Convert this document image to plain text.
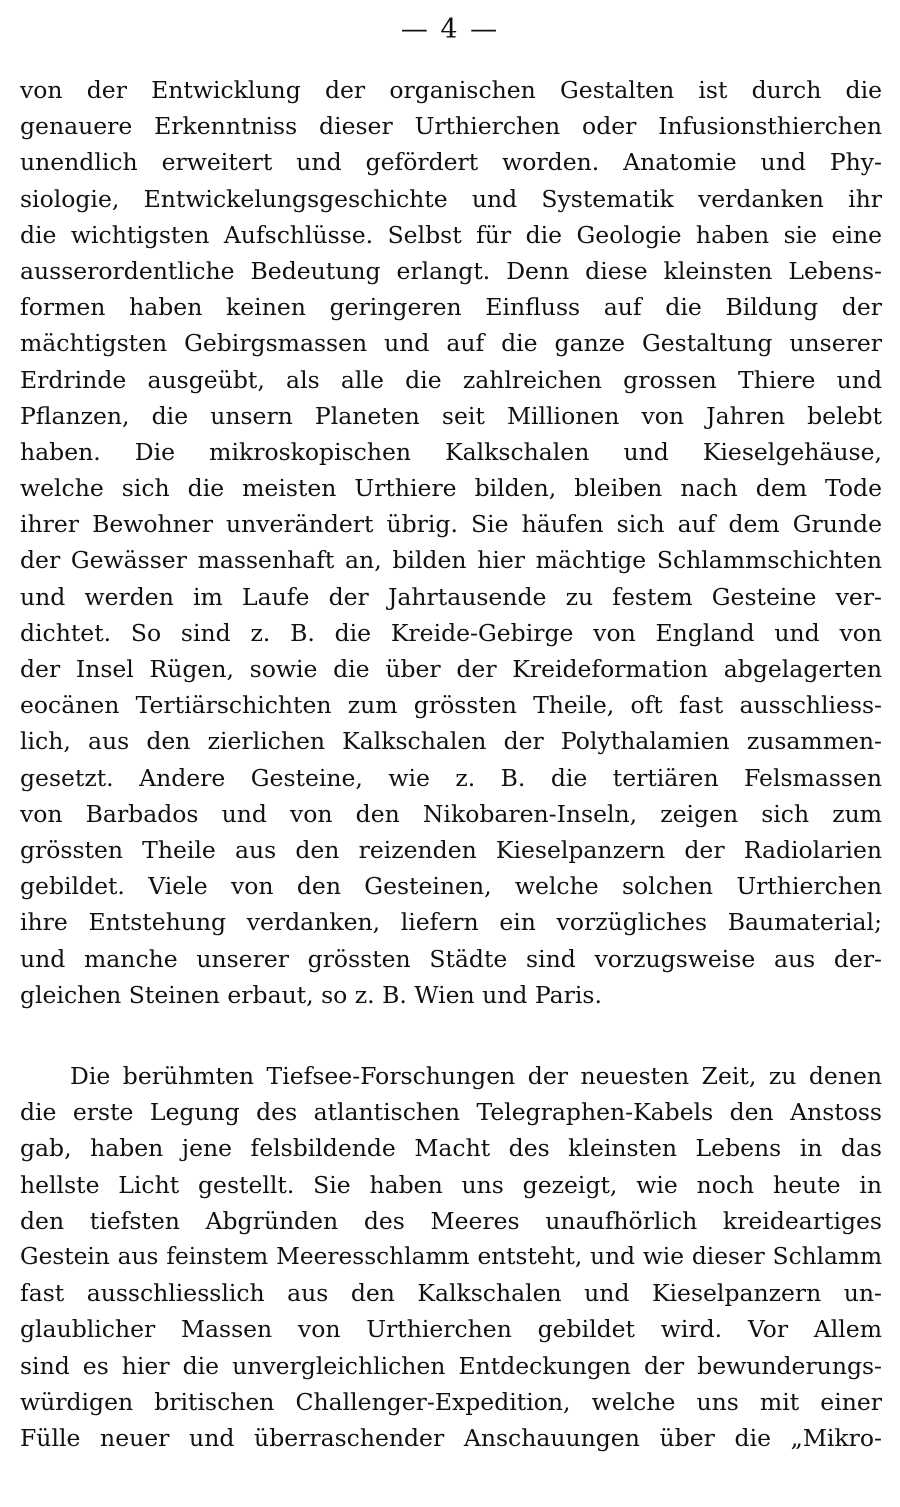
— 4 —
von der Entwicklung der organischen Gestalten ist durch die
genauere Erkenntniss dieser Urthierchen oder Infusionsthierchen
unendlich erweitert und gefördert worden. Anatomie und Phy-
siologie, Entwickelungsgeschichte und Systematik verdanken ihr
die wichtigsten Aufschlüsse. Selbst für die Geologie haben sie eine
ausserordentliche Bedeutung erlangt. Denn diese kleinsten Lebens-
formen haben keinen geringeren Einfluss auf die Bildung der
mächtigsten Gebirgsmassen und auf die ganze Gestaltung unserer
Erdrinde ausgeübt, als alle die zahlreichen grossen Thiere und
Pflanzen, die unsern Planeten seit Millionen von Jahren belebt
haben. Die mikroskopischen Kalkschalen und Kieselgehäuse,
welche sich die meisten Urthiere bilden, bleiben nach dem Tode
ihrer Bewohner unverändert übrig. Sie häufen sich auf dem Grunde
der Gewässer massenhaft an, bilden hier mächtige Schlammschichten
und werden im Laufe der Jahrtausende zu festem Gesteine ver-
dichtet. So sind z. B. die Kreide-Gebirge von England und von
der Insel Rügen, sowie die über der Kreideformation abgelagerten
eocänen Tertiärschichten zum grössten Theile, oft fast ausschliess-
lich, aus den zierlichen Kalkschalen der Polythalamien zusammen-
gesetzt. Andere Gesteine, wie z. B. die tertiären Felsmassen
von Barbados und von den Nikobaren-Inseln, zeigen sich zum
grössten Theile aus den reizenden Kieselpanzern der Radiolarien
gebildet. Viele von den Gesteinen, welche solchen Urthierchen
ihre Entstehung verdanken, liefern ein vorzügliches Baumaterial;
und manche unserer grössten Städte sind vorzugsweise aus der-
gleichen Steinen erbaut, so z. B. Wien und Paris.
Die berühmten Tiefsee-Forschungen der neuesten Zeit, zu denen
die erste Legung des atlantischen Telegraphen-Kabels den Anstoss
gab, haben jene felsbildende Macht des kleinsten Lebens in das
hellste Licht gestellt. Sie haben uns gezeigt, wie noch heute in
den tiefsten Abgründen des Meeres unaufhörlich kreideartiges
Gestein aus feinstem Meeresschlamm entsteht, und wie dieser Schlamm
fast ausschliesslich aus den Kalkschalen und Kieselpanzern un-
glaublicher Massen von Urthierchen gebildet wird. Vor Allem
sind es hier die unvergleichlichen Entdeckungen der bewunderungs-
würdigen britischen Challenger-Expedition, welche uns mit einer
Fülle neuer und überraschender Anschauungen über die „Mikro-
